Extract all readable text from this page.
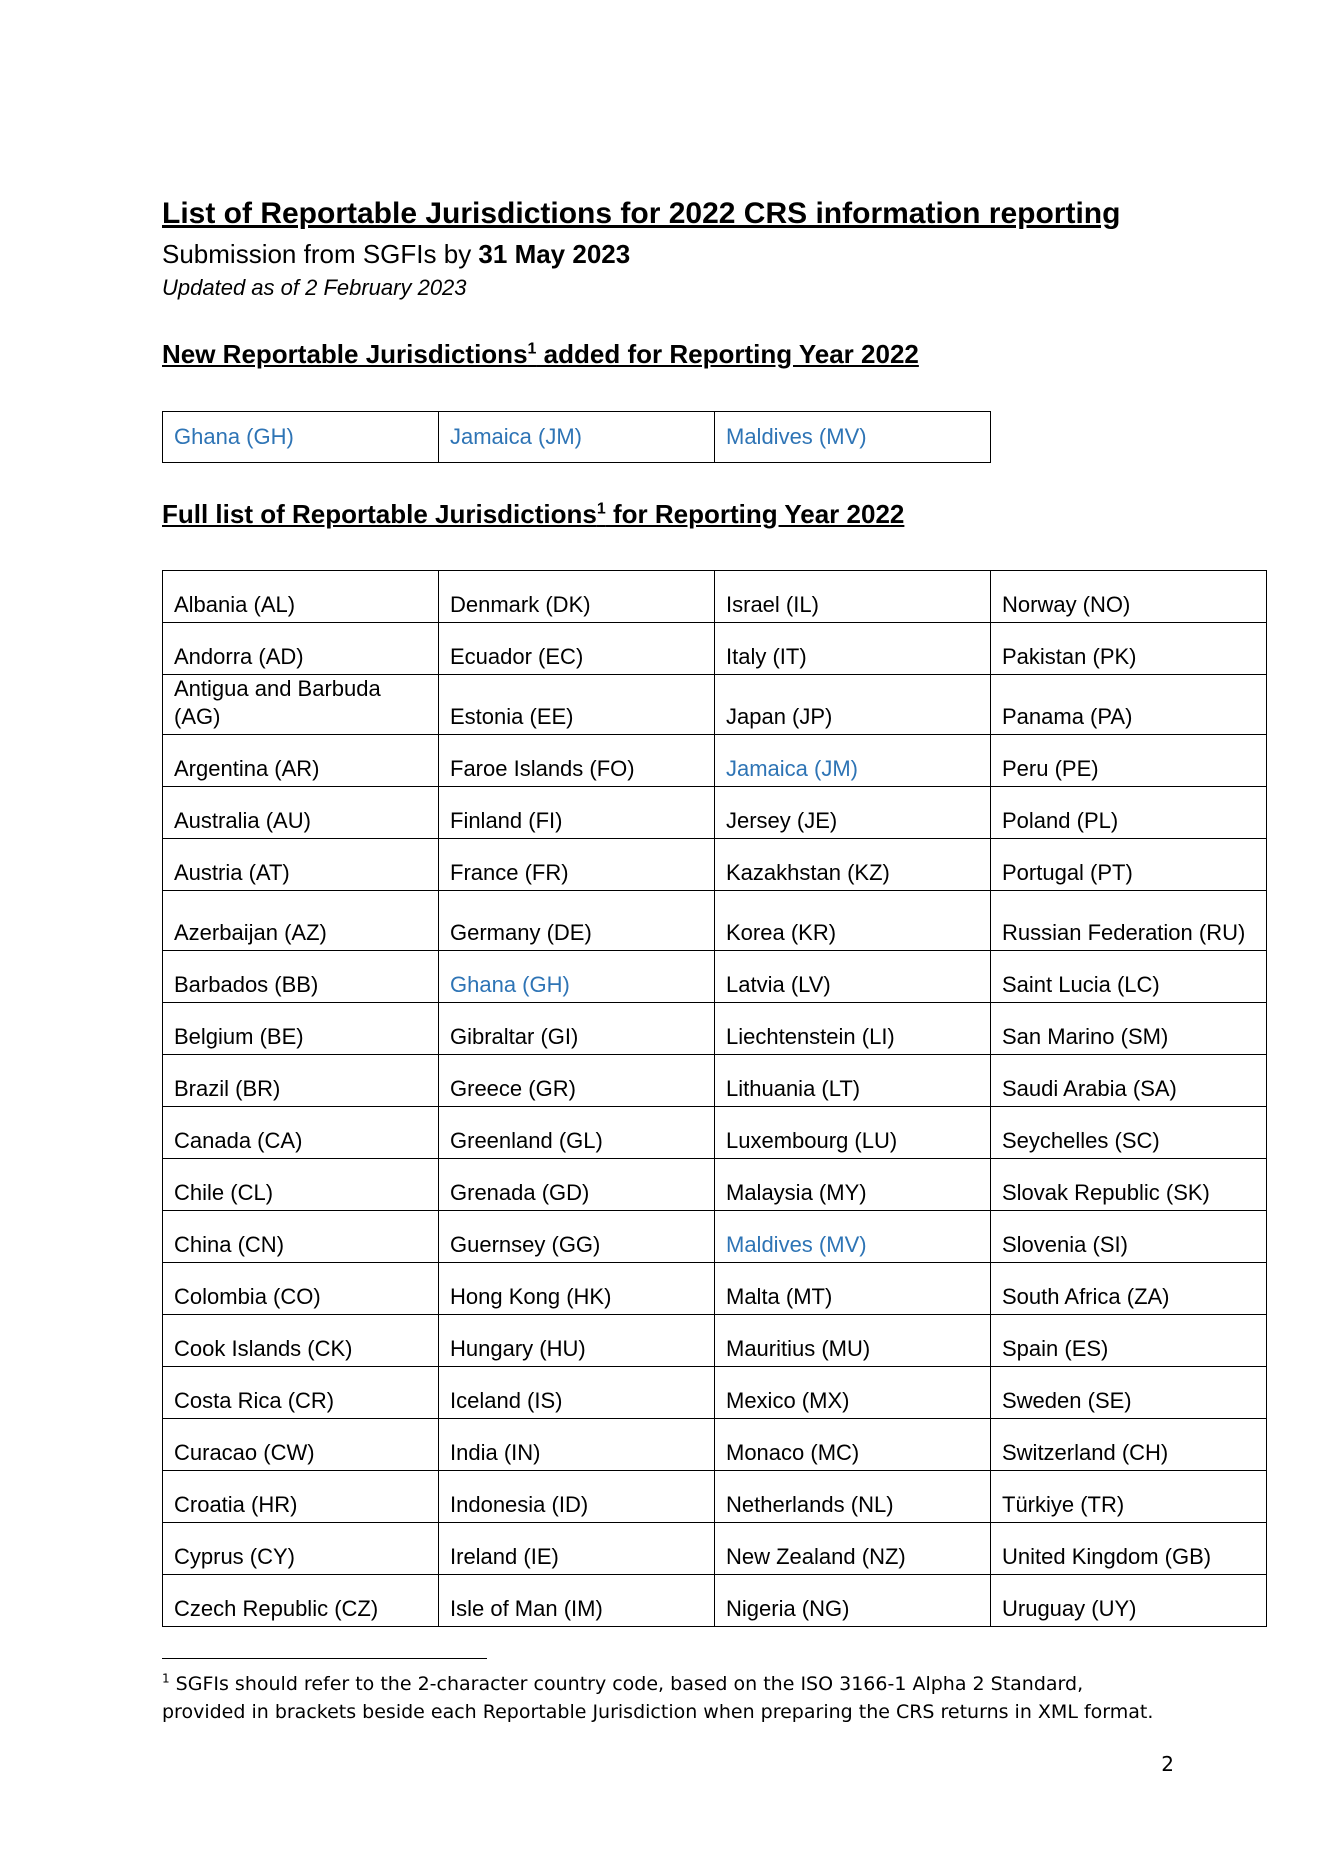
List of Reportable Jurisdictions for 2022 CRS information reporting
Submission from SGFIs by 31 May 2023
Updated as of 2 February 2023
New Reportable Jurisdictions$^1$ added for Reporting Year 2022
Ghana (GH)	Jamaica (JM)	Maldives (MV)
Full list of Reportable Jurisdictions$^1$ for Reporting Year 2022
Albania (AL)	Denmark (DK)	Israel (IL)	Norway (NO)
Andorra (AD)	Ecuador (EC)	Italy (IT)	Pakistan (PK)
Antigua and Barbuda (AG)	Estonia (EE)	Japan (JP)	Panama (PA)
Argentina (AR)	Faroe Islands (FO)	Jamaica (JM)	Peru (PE)
Australia (AU)	Finland (FI)	Jersey (JE)	Poland (PL)
Austria (AT)	France (FR)	Kazakhstan (KZ)	Portugal (PT)
Azerbaijan (AZ)	Germany (DE)	Korea (KR)	Russian Federation (RU)
Barbados (BB)	Ghana (GH)	Latvia (LV)	Saint Lucia (LC)
Belgium (BE)	Gibraltar (GI)	Liechtenstein (LI)	San Marino (SM)
Brazil (BR)	Greece (GR)	Lithuania (LT)	Saudi Arabia (SA)
Canada (CA)	Greenland (GL)	Luxembourg (LU)	Seychelles (SC)
Chile (CL)	Grenada (GD)	Malaysia (MY)	Slovak Republic (SK)
China (CN)	Guernsey (GG)	Maldives (MV)	Slovenia (SI)
Colombia (CO)	Hong Kong (HK)	Malta (MT)	South Africa (ZA)
Cook Islands (CK)	Hungary (HU)	Mauritius (MU)	Spain (ES)
Costa Rica (CR)	Iceland (IS)	Mexico (MX)	Sweden (SE)
Curacao (CW)	India (IN)	Monaco (MC)	Switzerland (CH)
Croatia (HR)	Indonesia (ID)	Netherlands (NL)	Türkiye (TR)
Cyprus (CY)	Ireland (IE)	New Zealand (NZ)	United Kingdom (GB)
Czech Republic (CZ)	Isle of Man (IM)	Nigeria (NG)	Uruguay (UY)

$^1$ SGFIs should refer to the 2-character country code, based on the ISO 3166-1 Alpha 2 Standard, provided in brackets beside each Reportable Jurisdiction when preparing the CRS returns in XML format.

2
